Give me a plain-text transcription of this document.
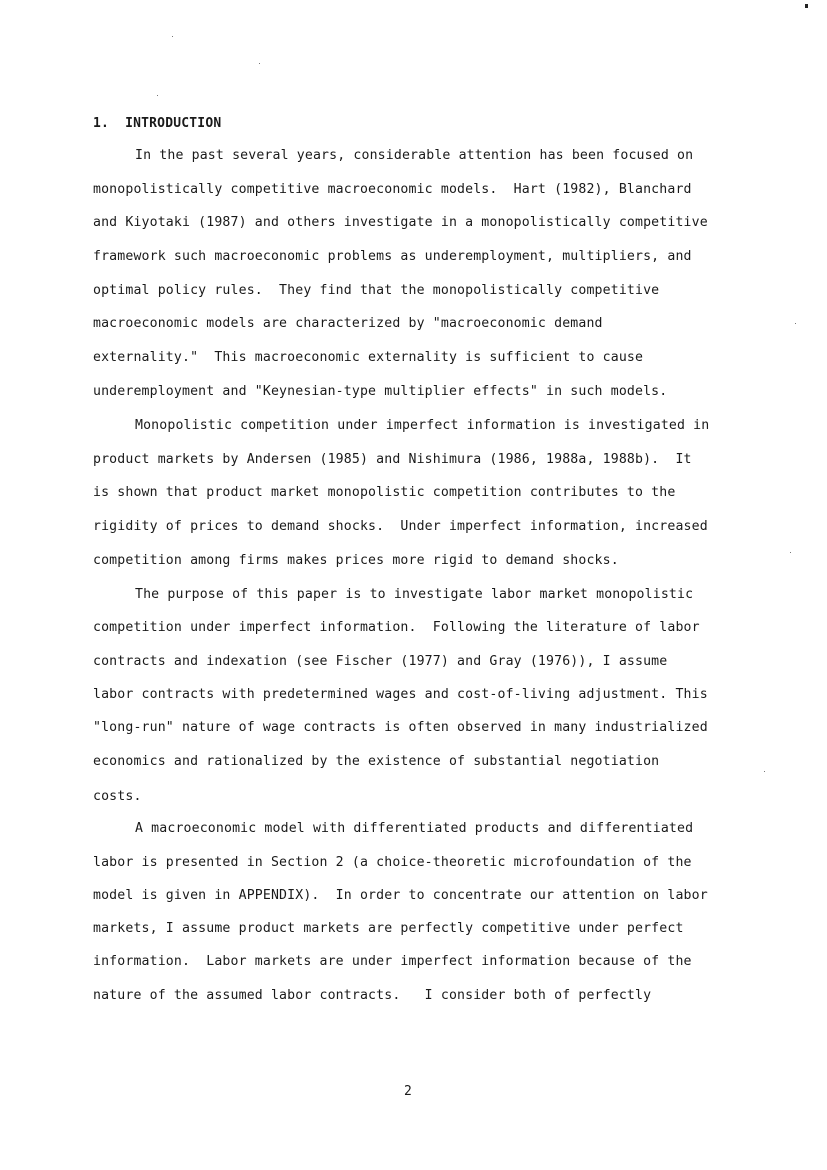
1. INTRODUCTION
In the past several years, considerable attention has been focused on
monopolistically competitive macroeconomic models.  Hart (1982), Blanchard
and Kiyotaki (1987) and others investigate in a monopolistically competitive
framework such macroeconomic problems as underemployment, multipliers, and
optimal policy rules.  They find that the monopolistically competitive
macroeconomic models are characterized by "macroeconomic demand
externality."  This macroeconomic externality is sufficient to cause
underemployment and "Keynesian-type multiplier effects" in such models.
Monopolistic competition under imperfect information is investigated in
product markets by Andersen (1985) and Nishimura (1986, 1988a, 1988b).  It
is shown that product market monopolistic competition contributes to the
rigidity of prices to demand shocks.  Under imperfect information, increased
competition among firms makes prices more rigid to demand shocks.
The purpose of this paper is to investigate labor market monopolistic
competition under imperfect information.  Following the literature of labor
contracts and indexation (see Fischer (1977) and Gray (1976)), I assume
labor contracts with predetermined wages and cost-of-living adjustment. This
"long-run" nature of wage contracts is often observed in many industrialized
economics and rationalized by the existence of substantial negotiation
costs.
A macroeconomic model with differentiated products and differentiated
labor is presented in Section 2 (a choice-theoretic microfoundation of the
model is given in APPENDIX).  In order to concentrate our attention on labor
markets, I assume product markets are perfectly competitive under perfect
information.  Labor markets are under imperfect information because of the
nature of the assumed labor contracts.   I consider both of perfectly
2
